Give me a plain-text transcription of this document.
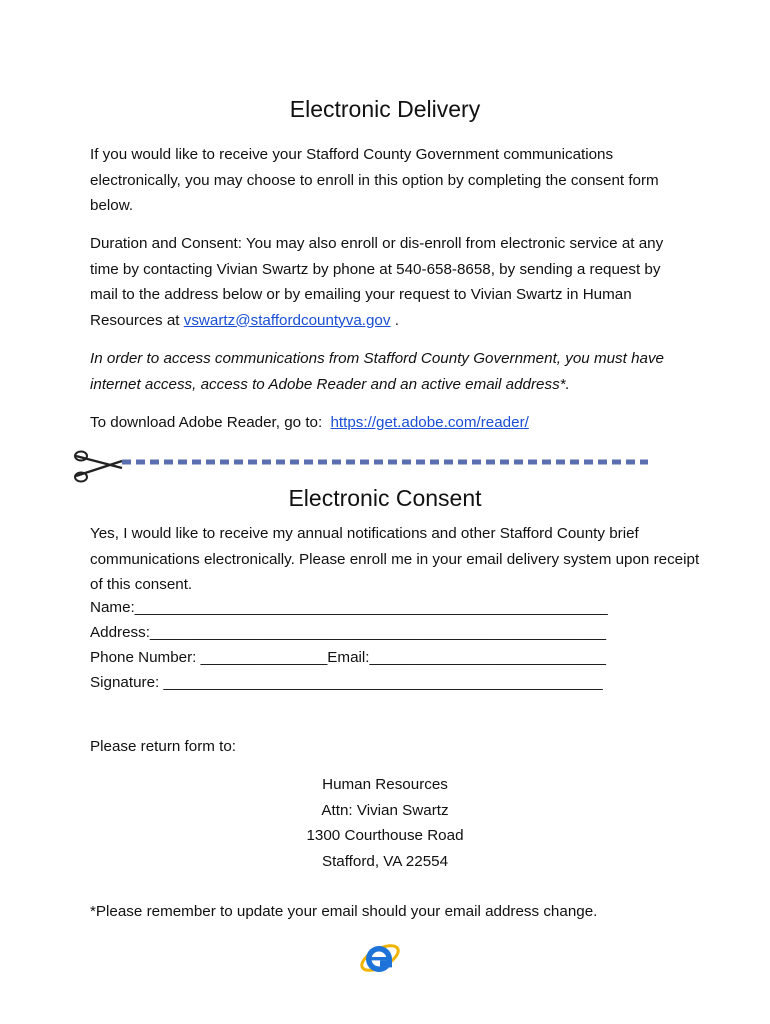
Electronic Delivery
If you would like to receive your Stafford County Government communications electronically, you may choose to enroll in this option by completing the consent form below.
Duration and Consent: You may also enroll or dis-enroll from electronic service at any time by contacting Vivian Swartz by phone at 540-658-8658, by sending a request by mail to the address below or by emailing your request to Vivian Swartz in Human Resources at vswartz@staffordcountyva.gov .
In order to access communications from Stafford County Government, you must have internet access, access to Adobe Reader and an active email address*.
To download Adobe Reader, go to: https://get.adobe.com/reader/
Electronic Consent
Yes, I would like to receive my annual notifications and other Stafford County brief communications electronically. Please enroll me in your email delivery system upon receipt of this consent.
Name:________________________________________________________
Address:______________________________________________________
Phone Number: _______________Email:____________________________
Signature: ____________________________________________________
Please return form to:
Human Resources
Attn: Vivian Swartz
1300 Courthouse Road
Stafford, VA 22554
*Please remember to update your email should your email address change.
